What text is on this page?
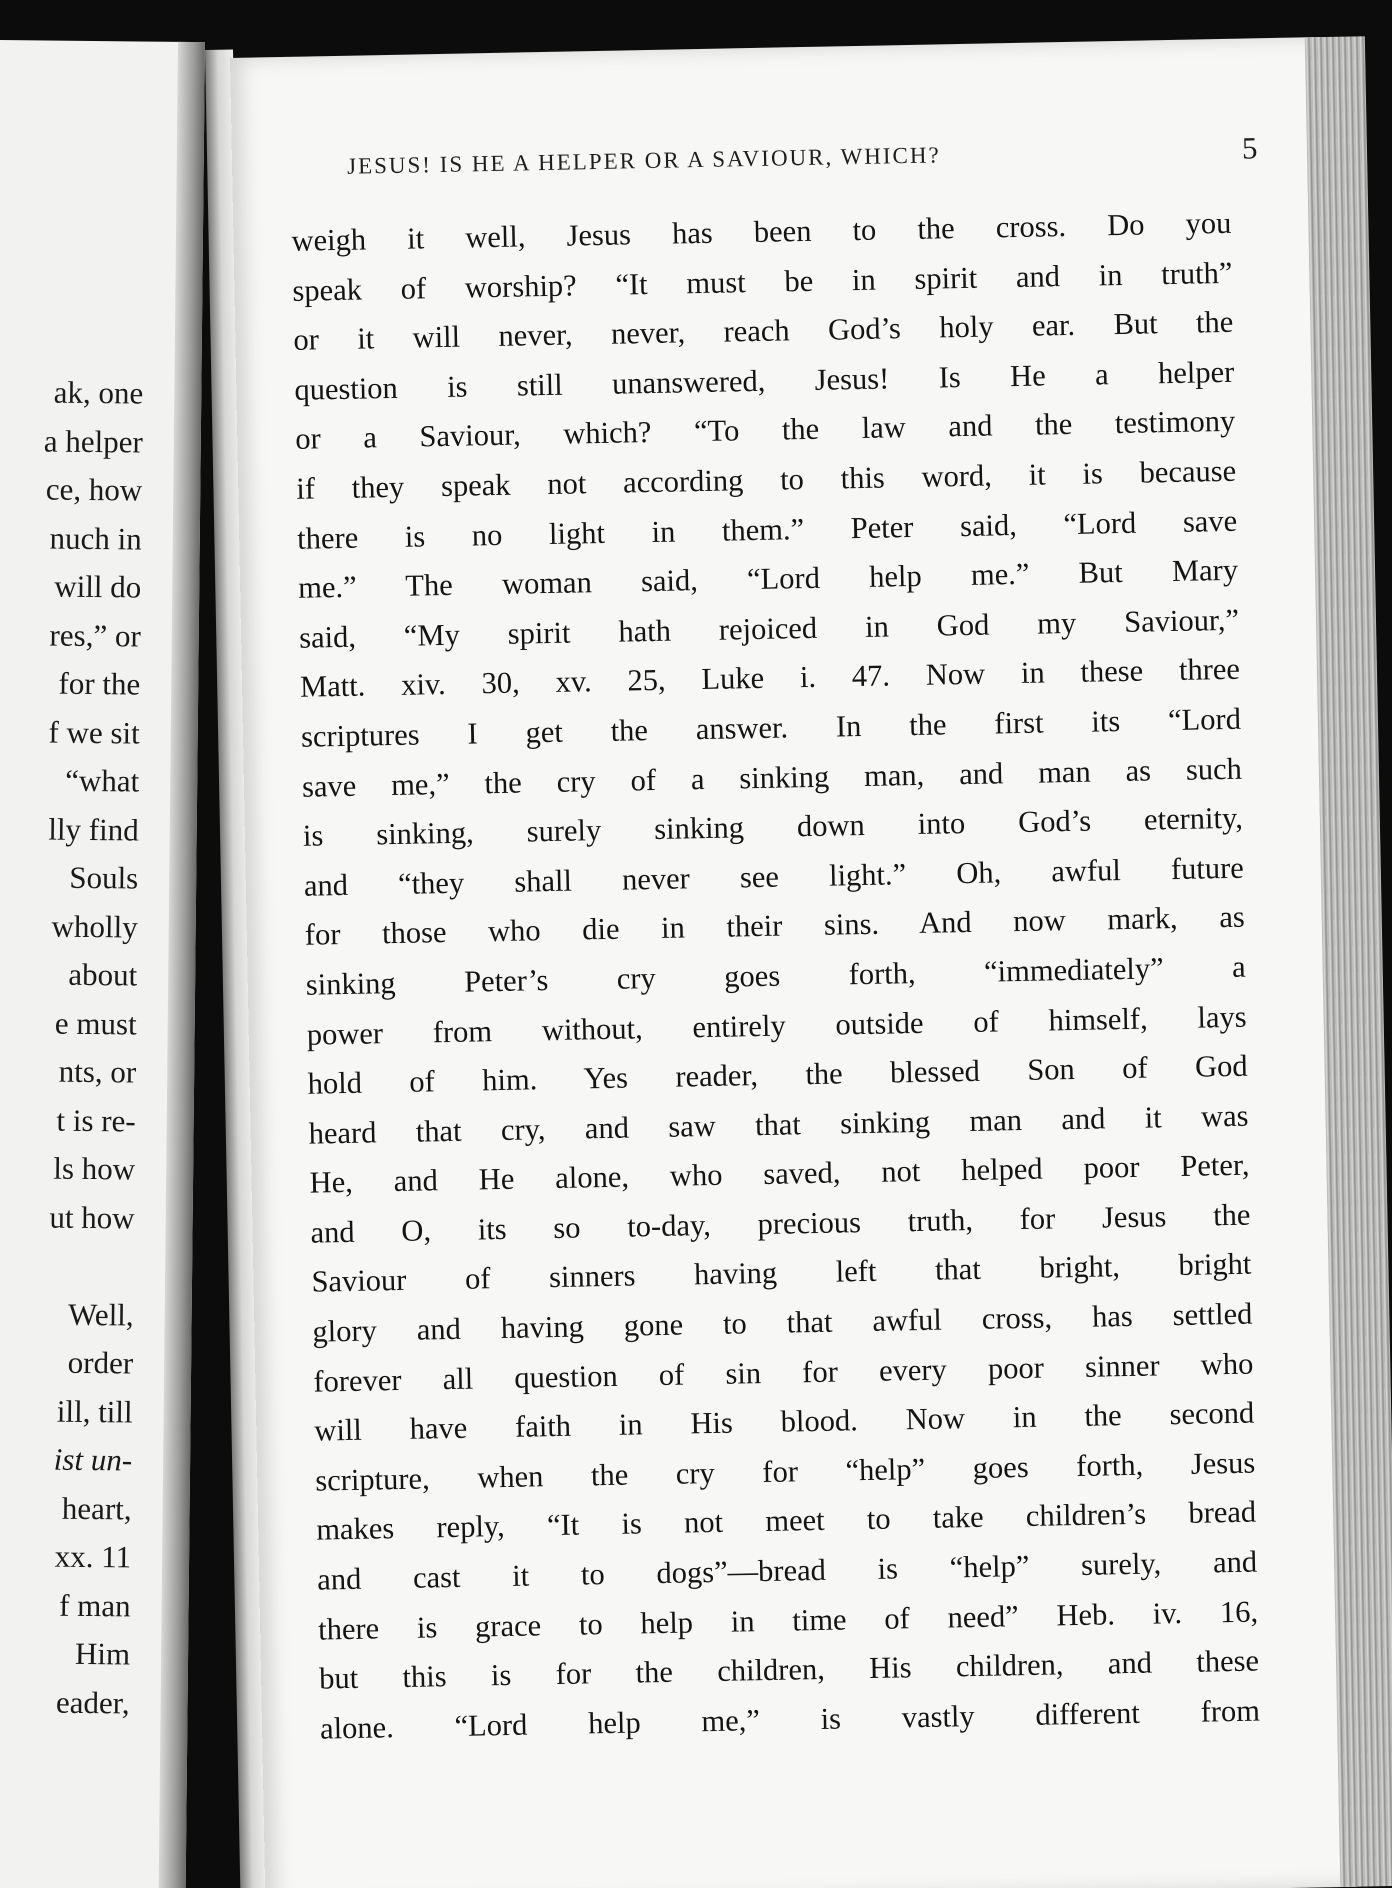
ak, one
a helper
ce, how
nuch in
will do
res,” or
for the
f we sit
“what
lly find
Souls
wholly
about
e must
nts, or
t is re-
ls how
ut how
Well,
order
ill, till
ist un-
heart,
xx. 11
f man
Him
eader,
JESUS! IS HE A HELPER OR A SAVIOUR, WHICH?	5
weigh it well, Jesus has been to the cross. Do you
speak of worship? “It must be in spirit and in truth”
or it will never, never, reach God’s holy ear. But the
question is still unanswered, Jesus! Is He a helper
or a Saviour, which? “To the law and the testimony
if they speak not according to this word, it is because
there is no light in them.” Peter said, “Lord save
me.” The woman said, “Lord help me.” But Mary
said, “My spirit hath rejoiced in God my Saviour,”
Matt. xiv. 30, xv. 25, Luke i. 47. Now in these three
scriptures I get the answer. In the first its “Lord
save me,” the cry of a sinking man, and man as such
is sinking, surely sinking down into God’s eternity,
and “they shall never see light.” Oh, awful future
for those who die in their sins. And now mark, as
sinking Peter’s cry goes forth, “immediately” a
power from without, entirely outside of himself, lays
hold of him. Yes reader, the blessed Son of God
heard that cry, and saw that sinking man and it was
He, and He alone, who saved, not helped poor Peter,
and O, its so to-day, precious truth, for Jesus the
Saviour of sinners having left that bright, bright
glory and having gone to that awful cross, has settled
forever all question of sin for every poor sinner who
will have faith in His blood. Now in the second
scripture, when the cry for “help” goes forth, Jesus
makes reply, “It is not meet to take children’s bread
and cast it to dogs”—bread is “help” surely, and
there is grace to help in time of need” Heb. iv. 16,
but this is for the children, His children, and these
alone. “Lord help me,” is vastly different from
